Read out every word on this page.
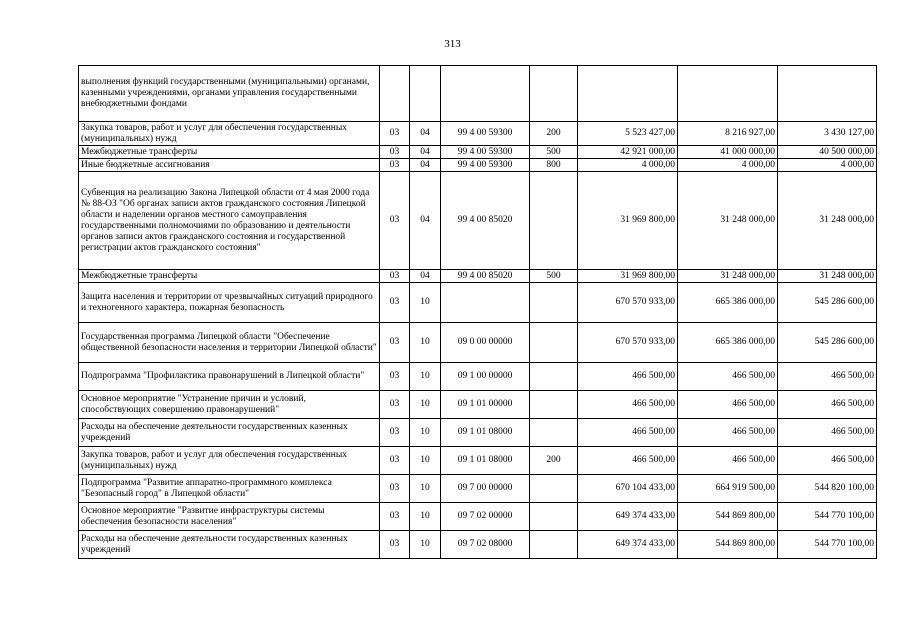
313
выполнения функций государственными (муниципальными) органами, казенными учреждениями, органами управления государственными внебюджетными фондами							
Закупка товаров, работ и услуг для обеспечения государственных (муниципальных) нужд	03	04	99 4 00 59300	200	5 523 427,00	8 216 927,00	3 430 127,00
Межбюджетные трансферты	03	04	99 4 00 59300	500	42 921 000,00	41 000 000,00	40 500 000,00
Иные бюджетные ассигнования	03	04	99 4 00 59300	800	4 000,00	4 000,00	4 000,00
Субвенция на реализацию Закона Липецкой области от 4 мая 2000 года № 88-ОЗ "Об органах записи актов гражданского состояния Липецкой области и наделении органов местного самоуправления государственными полномочиями по образованию и деятельности органов записи актов гражданского состояния и государственной регистрации актов гражданского состояния"	03	04	99 4 00 85020		31 969 800,00	31 248 000,00	31 248 000,00
Межбюджетные трансферты	03	04	99 4 00 85020	500	31 969 800,00	31 248 000,00	31 248 000,00
Защита населения и территории от чрезвычайных ситуаций природного и техногенного характера, пожарная безопасность	03	10			670 570 933,00	665 386 000,00	545 286 600,00
Государственная программа Липецкой области "Обеспечение общественной безопасности населения и территории Липецкой области"	03	10	09 0 00 00000		670 570 933,00	665 386 000,00	545 286 600,00
Подпрограмма "Профилактика правонарушений в Липецкой области"	03	10	09 1 00 00000		466 500,00	466 500,00	466 500,00
Основное мероприятие "Устранение причин и условий, способствующих совершению правонарушений"	03	10	09 1 01 00000		466 500,00	466 500,00	466 500,00
Расходы на обеспечение деятельности государственных казенных учреждений	03	10	09 1 01 08000		466 500,00	466 500,00	466 500,00
Закупка товаров, работ и услуг для обеспечения государственных (муниципальных) нужд	03	10	09 1 01 08000	200	466 500,00	466 500,00	466 500,00
Подпрограмма "Развитие аппаратно-программного комплекса "Безопасный город" в Липецкой области"	03	10	09 7 00 00000		670 104 433,00	664 919 500,00	544 820 100,00
Основное мероприятие "Развитие инфраструктуры системы обеспечения безопасности населения"	03	10	09 7 02 00000		649 374 433,00	544 869 800,00	544 770 100,00
Расходы на обеспечение деятельности государственных казенных учреждений	03	10	09 7 02 08000		649 374 433,00	544 869 800,00	544 770 100,00
